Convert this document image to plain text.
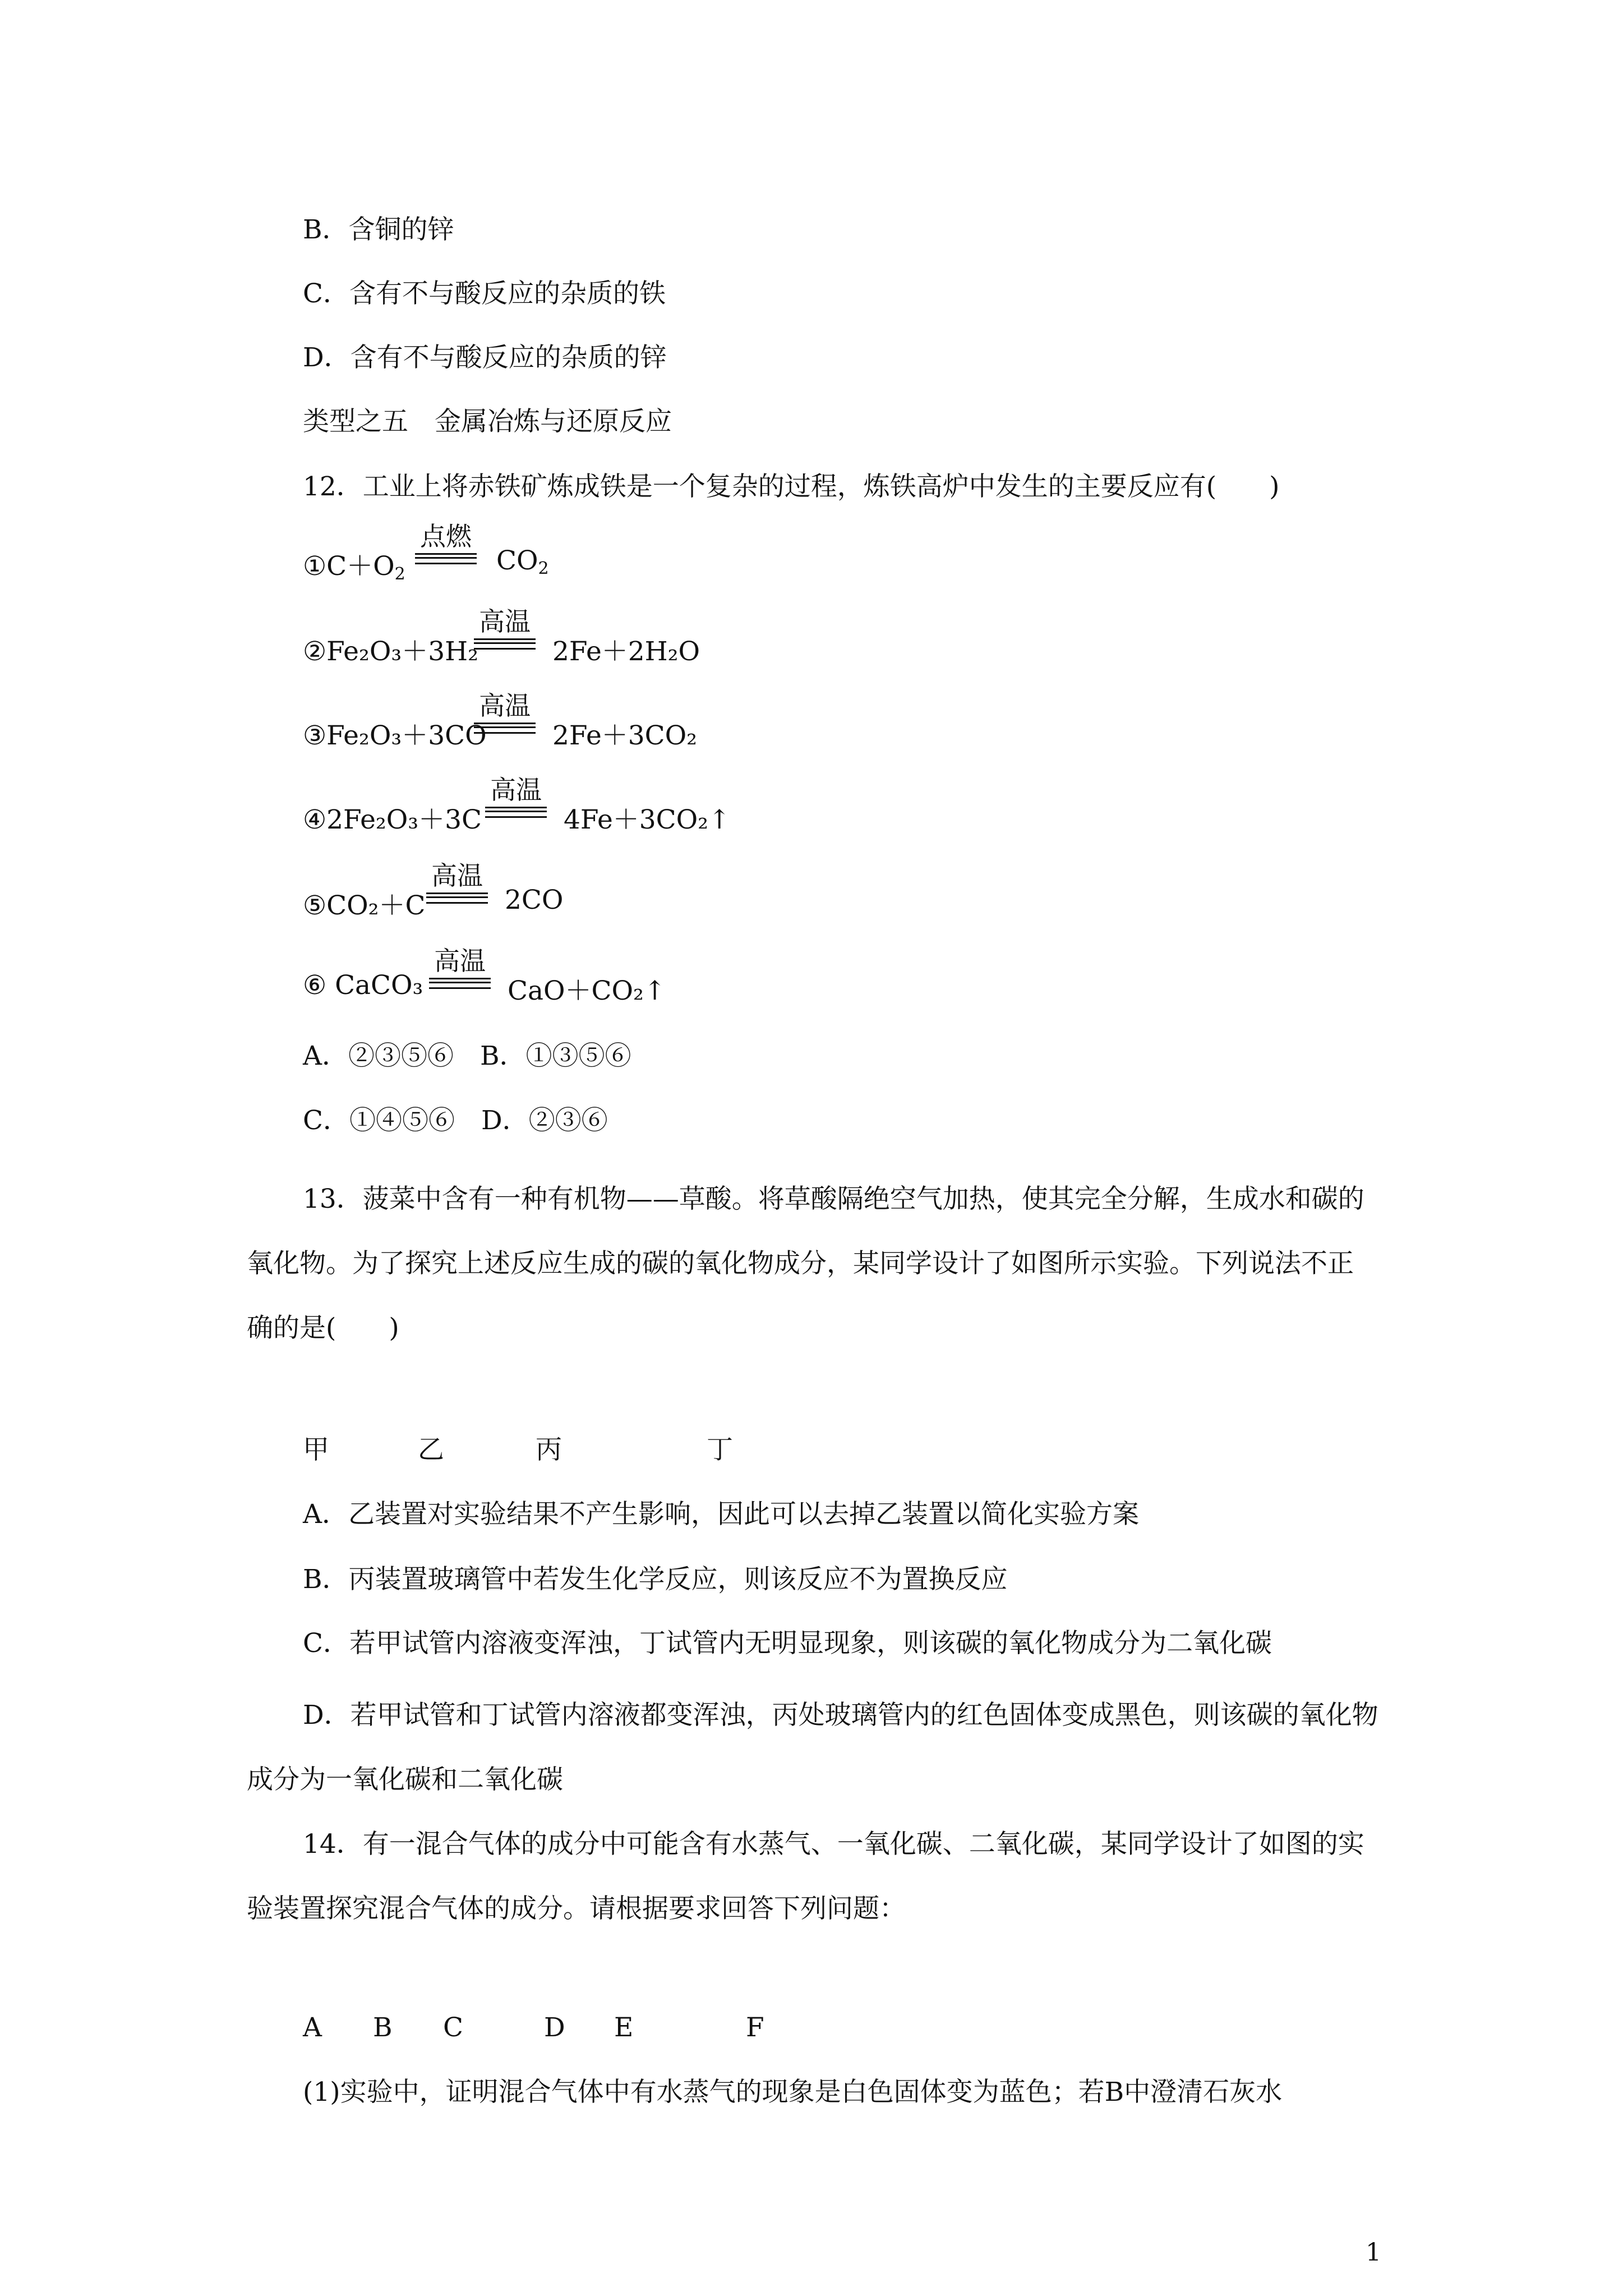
B．含铜的锌
C．含有不与酸反应的杂质的铁
D．含有不与酸反应的杂质的锌
类型之五　金属冶炼与还原反应
12．工业上将赤铁矿炼成铁是一个复杂的过程，炼铁高炉中发生的主要反应有(　　)
$①C+O_2$
点燃
$CO_2$
②Fe₂O₃＋3H₂
高温
2Fe＋2H₂O
③Fe₂O₃＋3CO
高温
2Fe＋3CO₂
④2Fe₂O₃＋3C
高温
4Fe＋3CO₂↑
⑤CO₂＋C
高温
2CO
⑥ CaCO₃
高温
CaO＋CO₂↑
A．②③⑤⑥　B．①③⑤⑥
C．①④⑤⑥　D．②③⑥
13．菠菜中含有一种有机物——草酸。将草酸隔绝空气加热，使其完全分解，生成水和碳的氧化物。为了探究上述反应生成的碳的氧化物成分，某同学设计了如图所示实验。下列说法不正确的是(　　)
甲	乙	丙	丁
A．乙装置对实验结果不产生影响，因此可以去掉乙装置以简化实验方案
B．丙装置玻璃管中若发生化学反应，则该反应不为置换反应
C．若甲试管内溶液变浑浊，丁试管内无明显现象，则该碳的氧化物成分为二氧化碳
D．若甲试管和丁试管内溶液都变浑浊，丙处玻璃管内的红色固体变成黑色，则该碳的氧化物成分为一氧化碳和二氧化碳
14．有一混合气体的成分中可能含有水蒸气、一氧化碳、二氧化碳，某同学设计了如图的实验装置探究混合气体的成分。请根据要求回答下列问题：
A B C	D E	F
(1)实验中，证明混合气体中有水蒸气的现象是白色固体变为蓝色；若B中澄清石灰水
1
